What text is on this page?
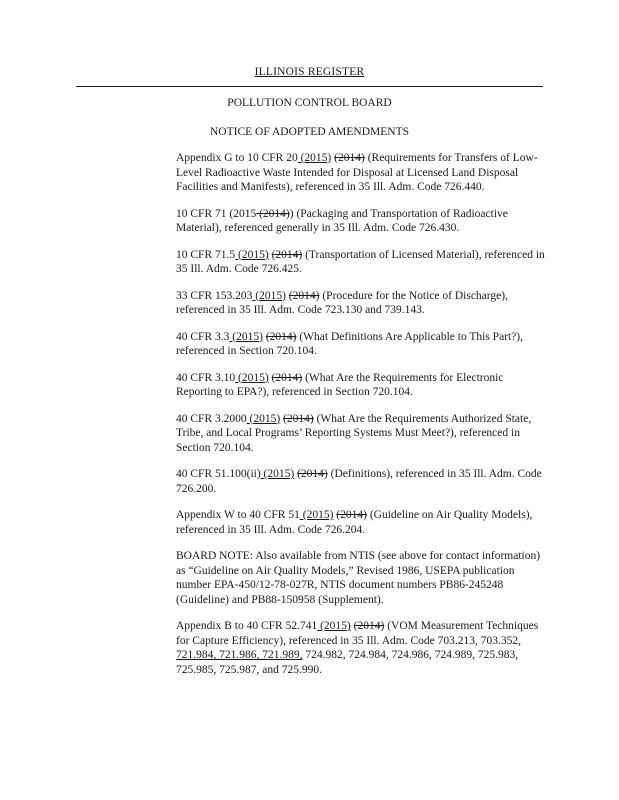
ILLINOIS REGISTER
POLLUTION CONTROL BOARD
NOTICE OF ADOPTED AMENDMENTS

Appendix G to 10 CFR 20 (2015) (2014) (Requirements for Transfers of Low-Level Radioactive Waste Intended for Disposal at Licensed Land Disposal Facilities and Manifests), referenced in 35 Ill. Adm. Code 726.440.

10 CFR 71 (2015 (2014)) (Packaging and Transportation of Radioactive Material), referenced generally in 35 Ill. Adm. Code 726.430.

10 CFR 71.5 (2015) (2014) (Transportation of Licensed Material), referenced in 35 Ill. Adm. Code 726.425.

33 CFR 153.203 (2015) (2014) (Procedure for the Notice of Discharge), referenced in 35 Ill. Adm. Code 723.130 and 739.143.

40 CFR 3.3 (2015) (2014) (What Definitions Are Applicable to This Part?), referenced in Section 720.104.

40 CFR 3.10 (2015) (2014) (What Are the Requirements for Electronic Reporting to EPA?), referenced in Section 720.104.

40 CFR 3.2000 (2015) (2014) (What Are the Requirements Authorized State, Tribe, and Local Programs’ Reporting Systems Must Meet?), referenced in Section 720.104.

40 CFR 51.100(ii) (2015) (2014) (Definitions), referenced in 35 Ill. Adm. Code 726.200.

Appendix W to 40 CFR 51 (2015) (2014) (Guideline on Air Quality Models), referenced in 35 Ill. Adm. Code 726.204.

BOARD NOTE: Also available from NTIS (see above for contact information) as “Guideline on Air Quality Models,” Revised 1986, USEPA publication number EPA-450/12-78-027R, NTIS document numbers PB86-245248 (Guideline) and PB88-150958 (Supplement).

Appendix B to 40 CFR 52.741 (2015) (2014) (VOM Measurement Techniques for Capture Efficiency), referenced in 35 Ill. Adm. Code 703.213, 703.352, 721.984, 721.986, 721.989, 724.982, 724.984, 724.986, 724.989, 725.983, 725.985, 725.987, and 725.990.
